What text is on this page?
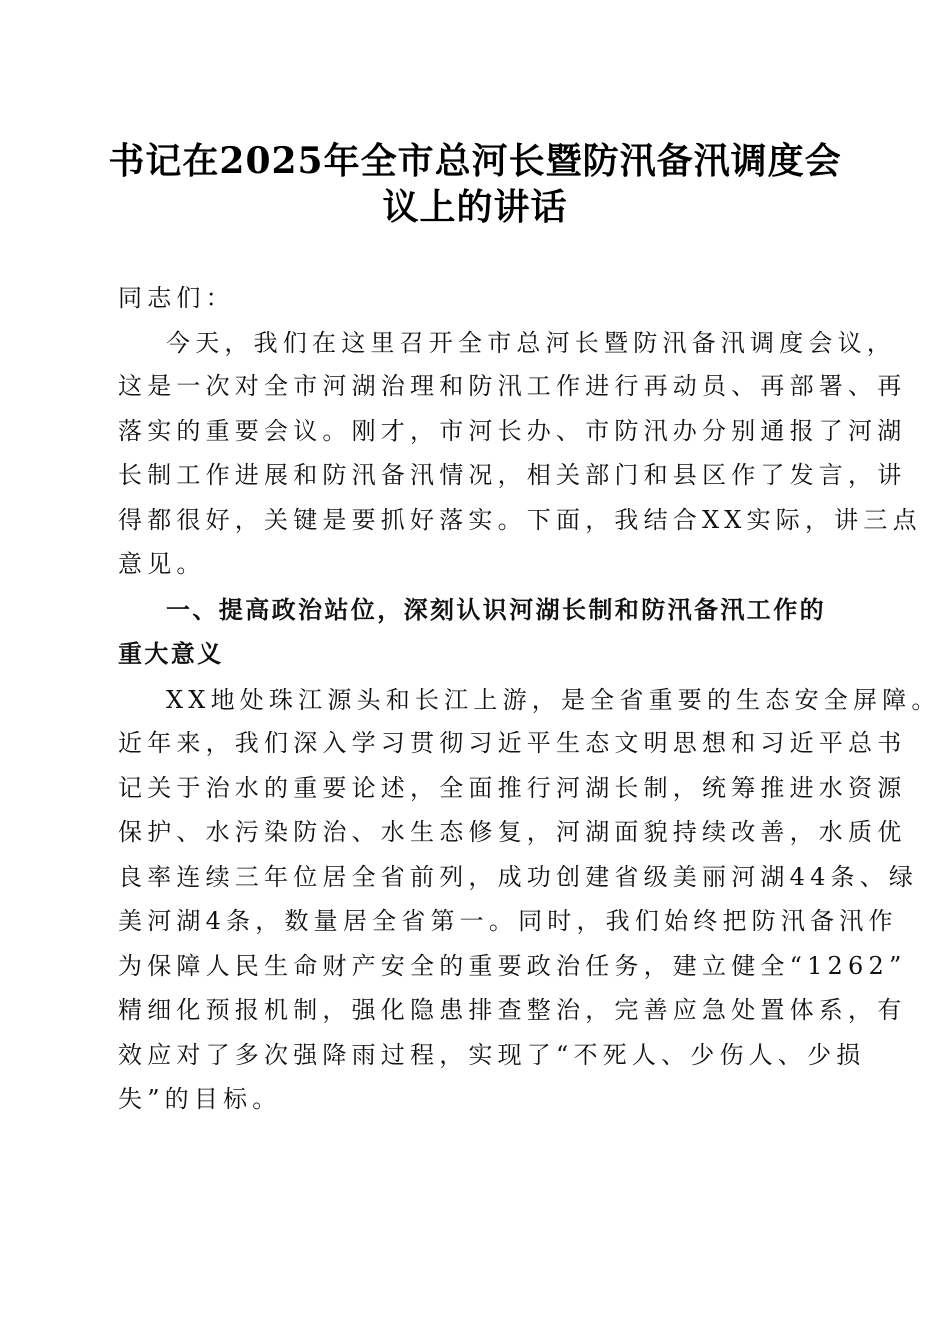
书记在2025年全市总河长暨防汛备汛调度会
议上的讲话
同志们：
今天，我们在这里召开全市总河长暨防汛备汛调度会议，
这是一次对全市河湖治理和防汛工作进行再动员、再部署、再
落实的重要会议。刚才，市河长办、市防汛办分别通报了河湖
长制工作进展和防汛备汛情况，相关部门和县区作了发言，讲
得都很好，关键是要抓好落实。下面，我结合XX实际，讲三点
意见。
一、提高政治站位，深刻认识河湖长制和防汛备汛工作的
重大意义
XX地处珠江源头和长江上游，是全省重要的生态安全屏障。
近年来，我们深入学习贯彻习近平生态文明思想和习近平总书
记关于治水的重要论述，全面推行河湖长制，统筹推进水资源
保护、水污染防治、水生态修复，河湖面貌持续改善，水质优
良率连续三年位居全省前列，成功创建省级美丽河湖44条、绿
美河湖4条，数量居全省第一。同时，我们始终把防汛备汛作
为保障人民生命财产安全的重要政治任务，建立健全“1262”
精细化预报机制，强化隐患排查整治，完善应急处置体系，有
效应对了多次强降雨过程，实现了“不死人、少伤人、少损
失”的目标。
